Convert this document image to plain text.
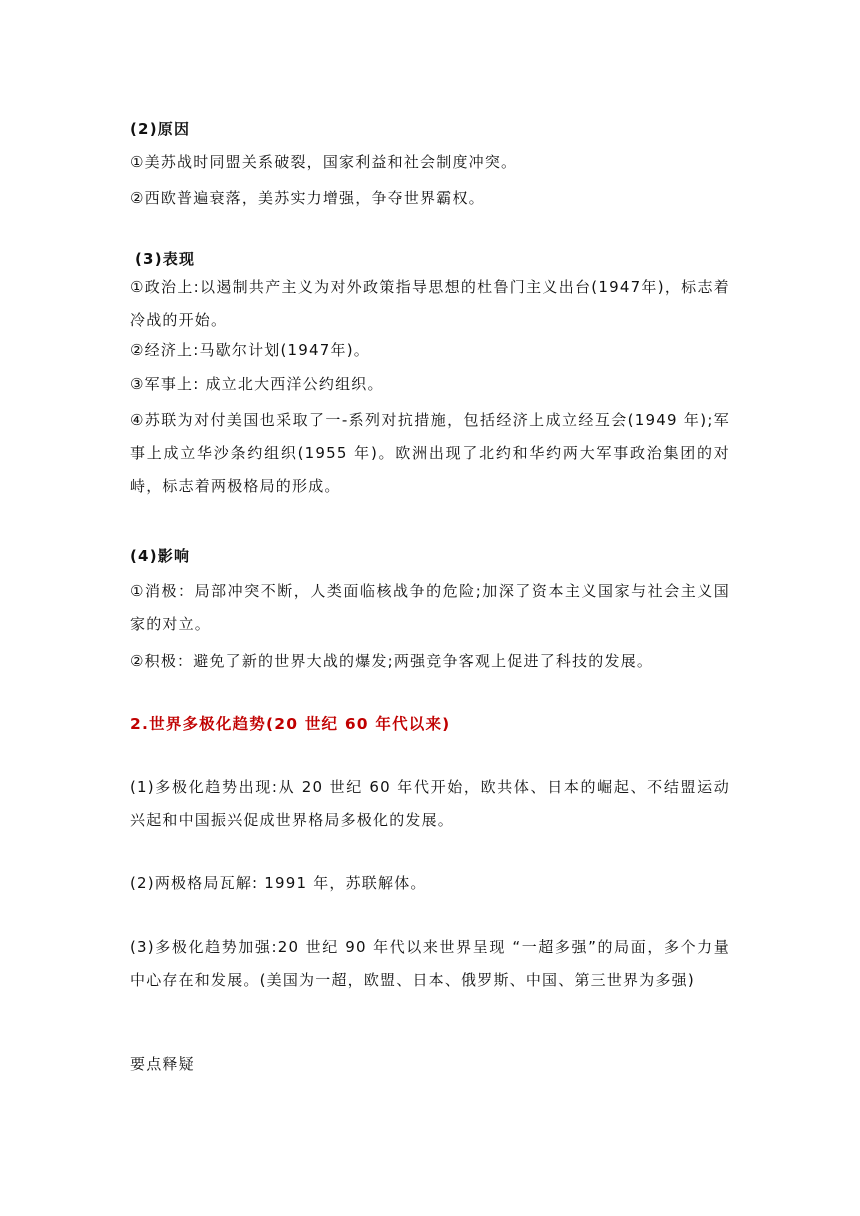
(2)原因
①美苏战时同盟关系破裂，国家利益和社会制度冲突。
②西欧普遍衰落，美苏实力增强，争夺世界霸权。
(3)表现
①政治上:以遏制共产主义为对外政策指导思想的杜鲁门主义出台(1947年)，标志着冷战的开始。
②经济上:马歇尔计划(1947年)。
③军事上: 成立北大西洋公约组织。
④苏联为对付美国也采取了一-系列对抗措施，包括经济上成立经互会(1949 年);军事上成立华沙条约组织(1955 年)。欧洲出现了北约和华约两大军事政治集团的对峙，标志着两极格局的形成。
(4)影响
①消极：局部冲突不断，人类面临核战争的危险;加深了资本主义国家与社会主义国家的对立。
②积极：避免了新的世界大战的爆发;两强竞争客观上促进了科技的发展。
2.世界多极化趋势(20 世纪 60 年代以来)
(1)多极化趋势出现:从 20 世纪 60 年代开始，欧共体、日本的崛起、不结盟运动兴起和中国振兴促成世界格局多极化的发展。
(2)两极格局瓦解: 1991 年，苏联解体。
(3)多极化趋势加强:20 世纪 90 年代以来世界呈现 “一超多强”的局面，多个力量中心存在和发展。(美国为一超，欧盟、日本、俄罗斯、中国、第三世界为多强)
要点释疑
